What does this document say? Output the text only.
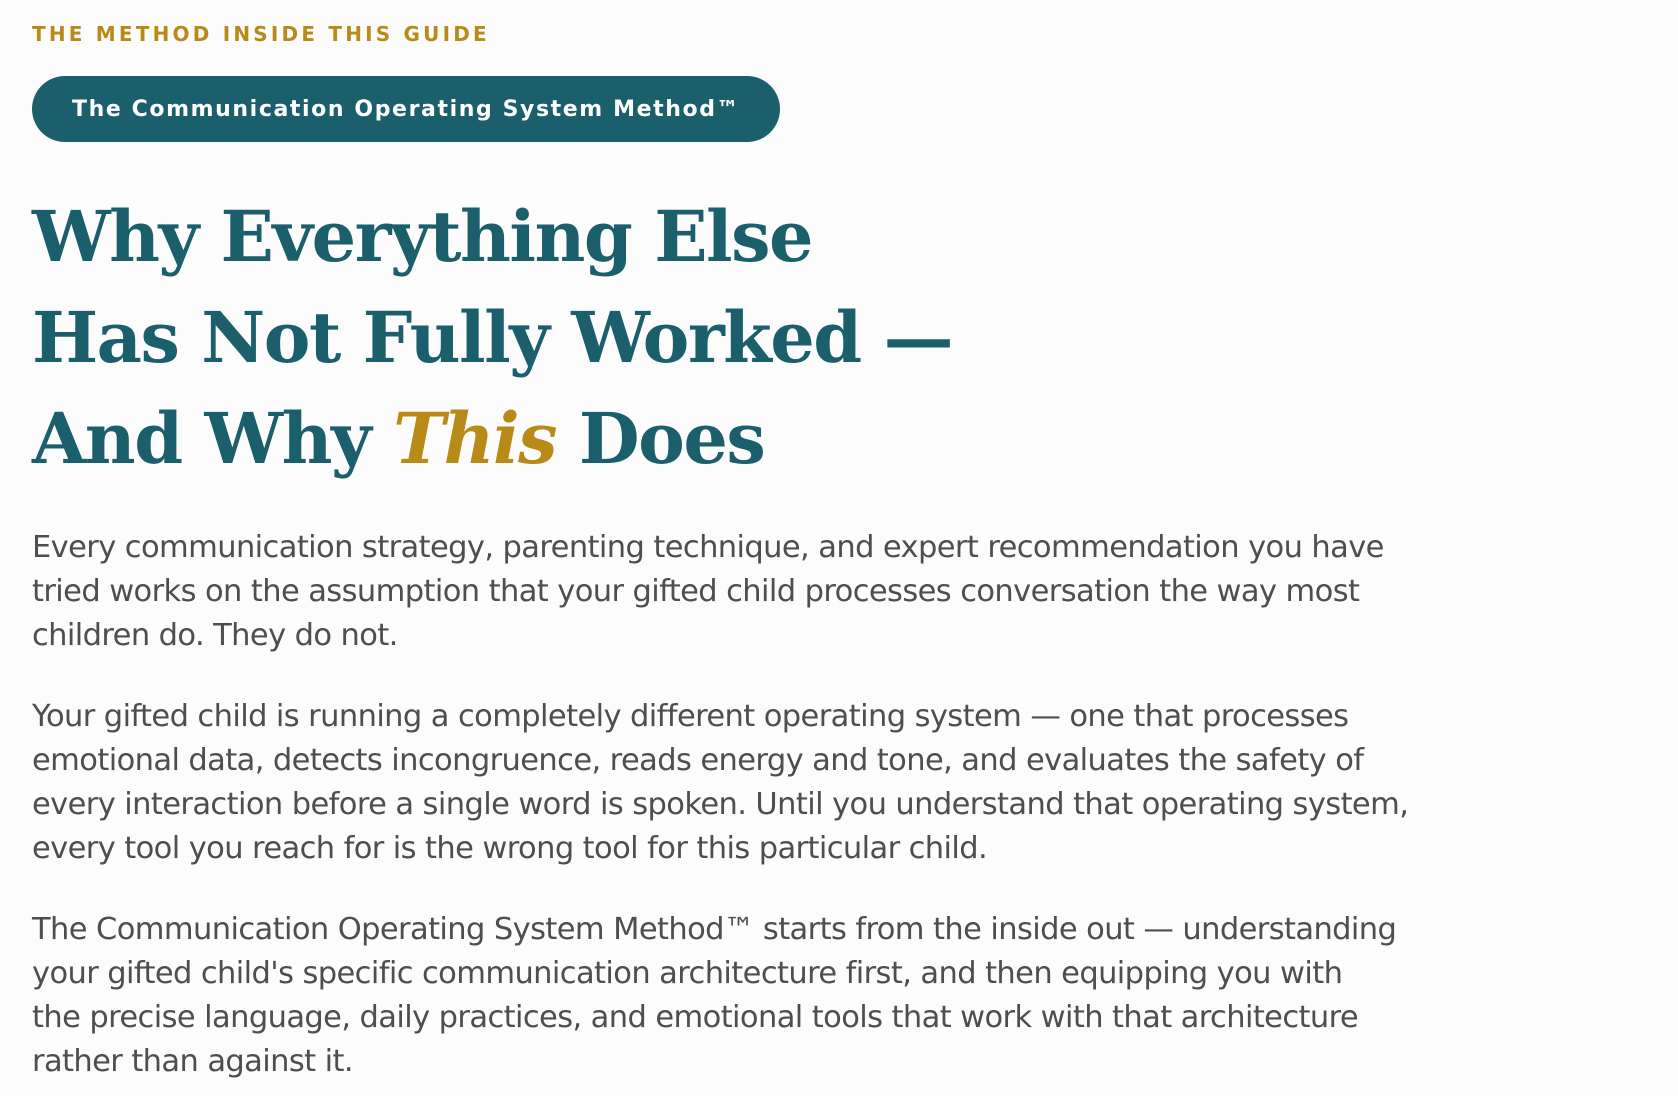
THE METHOD INSIDE THIS GUIDE

The Communication Operating System Method™
Why Everything Else
Has Not Fully Worked —
And Why This Does

Every communication strategy, parenting technique, and expert recommendation you have
tried works on the assumption that your gifted child processes conversation the way most
children do. They do not.

Your gifted child is running a completely different operating system — one that processes
emotional data, detects incongruence, reads energy and tone, and evaluates the safety of
every interaction before a single word is spoken. Until you understand that operating system,
every tool you reach for is the wrong tool for this particular child.

The Communication Operating System Method™ starts from the inside out — understanding
your gifted child's specific communication architecture first, and then equipping you with
the precise language, daily practices, and emotional tools that work with that architecture
rather than against it.
